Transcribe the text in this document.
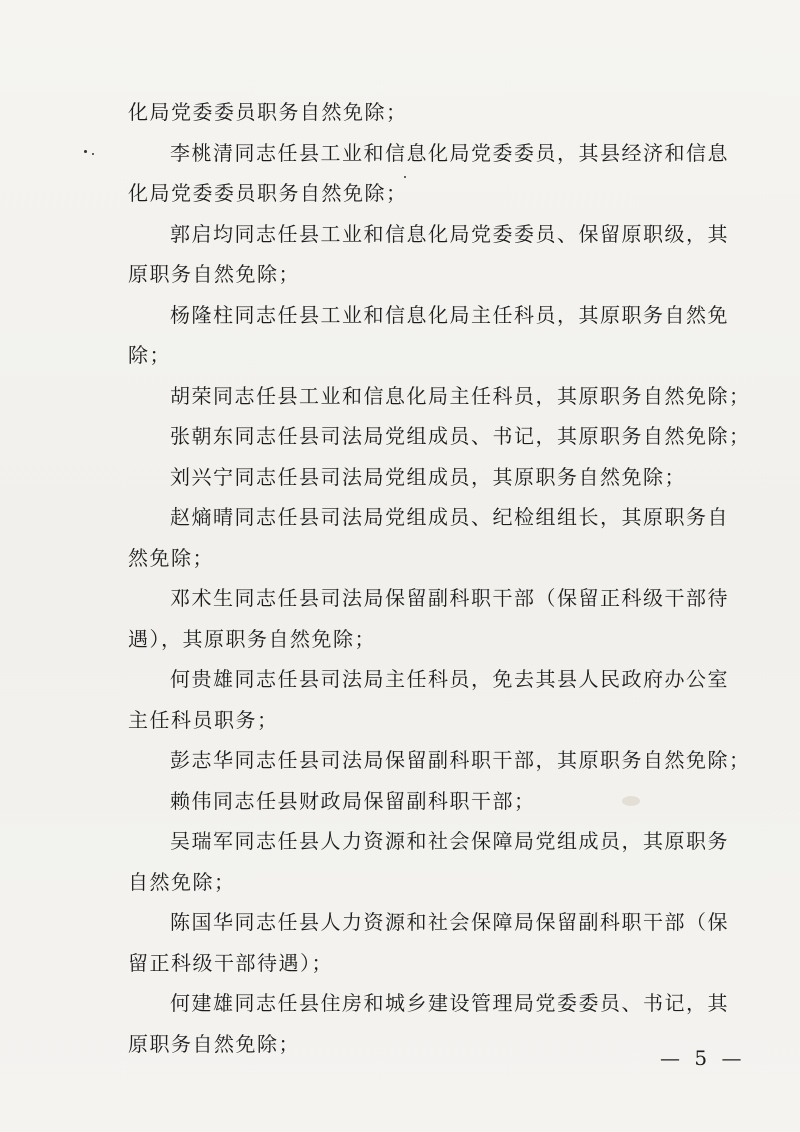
化局党委委员职务自然免除；
李桃清同志任县工业和信息化局党委委员，其县经济和信息
化局党委委员职务自然免除；
郭启均同志任县工业和信息化局党委委员、保留原职级，其
原职务自然免除；
杨隆柱同志任县工业和信息化局主任科员，其原职务自然免
除；
胡荣同志任县工业和信息化局主任科员，其原职务自然免除；
张朝东同志任县司法局党组成员、书记，其原职务自然免除；
刘兴宁同志任县司法局党组成员，其原职务自然免除；
赵熵晴同志任县司法局党组成员、纪检组组长，其原职务自
然免除；
邓术生同志任县司法局保留副科职干部（保留正科级干部待
遇），其原职务自然免除；
何贵雄同志任县司法局主任科员，免去其县人民政府办公室
主任科员职务；
彭志华同志任县司法局保留副科职干部，其原职务自然免除；
赖伟同志任县财政局保留副科职干部；
吴瑞军同志任县人力资源和社会保障局党组成员，其原职务
自然免除；
陈国华同志任县人力资源和社会保障局保留副科职干部（保
留正科级干部待遇）；
何建雄同志任县住房和城乡建设管理局党委委员、书记，其
原职务自然免除；
— 5 —
